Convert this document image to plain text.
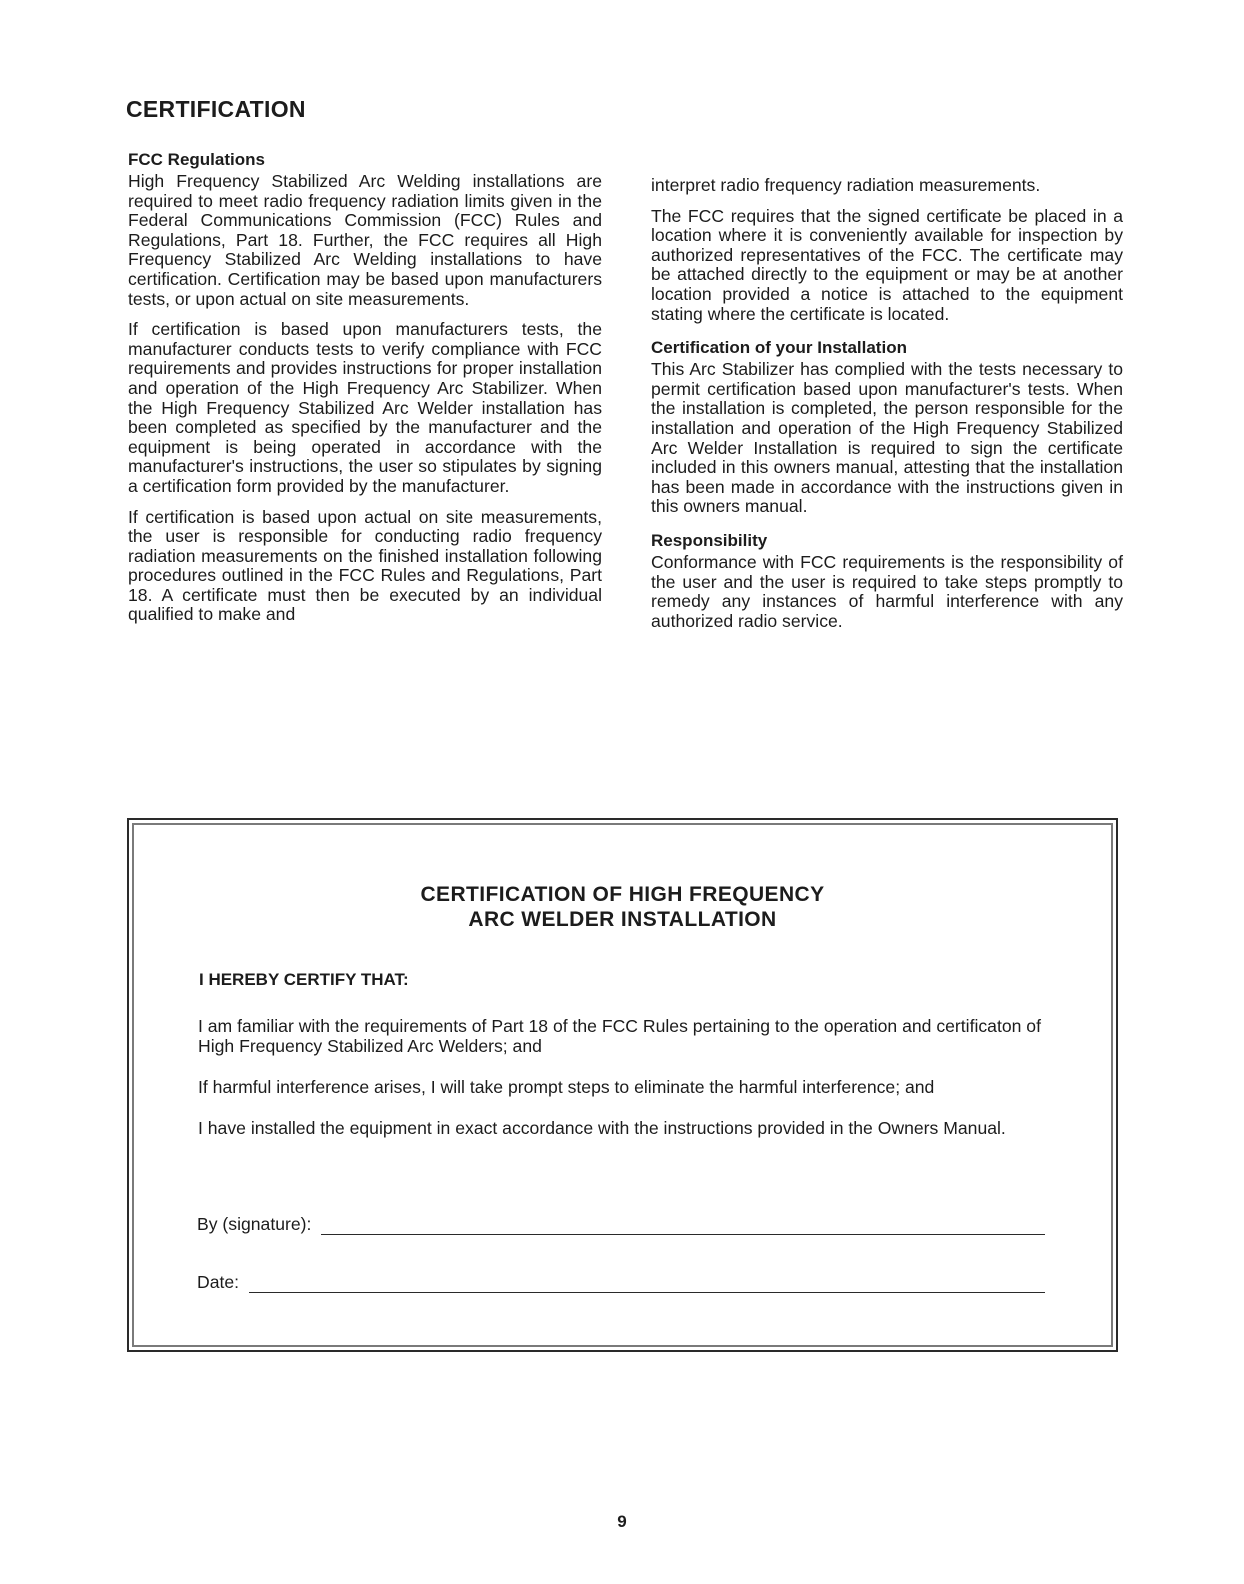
CERTIFICATION
FCC Regulations

High Frequency Stabilized Arc Welding installations are required to meet radio frequency radiation limits given in the Federal Communications Commission (FCC) Rules and Regulations, Part 18. Further, the FCC requires all High Frequency Stabilized Arc Welding installations to have certification. Certification may be based upon manufacturers tests, or upon actual on site measurements.

If certification is based upon manufacturers tests, the manufacturer conducts tests to verify compliance with FCC requirements and provides instructions for proper installation and operation of the High Frequency Arc Stabilizer. When the High Frequency Stabilized Arc Welder installation has been completed as specified by the manufacturer and the equipment is being operated in accordance with the manufacturer's instructions, the user so stipulates by signing a certification form provided by the manufacturer.

If certification is based upon actual on site measurements, the user is responsible for conducting radio frequency radiation measurements on the finished installation following procedures outlined in the FCC Rules and Regulations, Part 18. A certificate must then be executed by an individual qualified to make and

interpret radio frequency radiation measurements.

The FCC requires that the signed certificate be placed in a location where it is conveniently available for inspection by authorized representatives of the FCC. The certificate may be attached directly to the equipment or may be at another location provided a notice is attached to the equipment stating where the certificate is located.

Certification of your Installation

This Arc Stabilizer has complied with the tests necessary to permit certification based upon manufacturer's tests. When the installation is completed, the person responsible for the installation and operation of the High Frequency Stabilized Arc Welder Installation is required to sign the certificate included in this owners manual, attesting that the installation has been made in accordance with the instructions given in this owners manual.

Responsibility

Conformance with FCC requirements is the responsibility of the user and the user is required to take steps promptly to remedy any instances of harmful interference with any authorized radio service.

CERTIFICATION OF HIGH FREQUENCY
ARC WELDER INSTALLATION
I HEREBY CERTIFY THAT:

I am familiar with the requirements of Part 18 of the FCC Rules pertaining to the operation and certificaton of High Frequency Stabilized Arc Welders; and

If harmful interference arises, I will take prompt steps to eliminate the harmful interference; and

I have installed the equipment in exact accordance with the instructions provided in the Owners Manual.

By (signature):
Date:
9
